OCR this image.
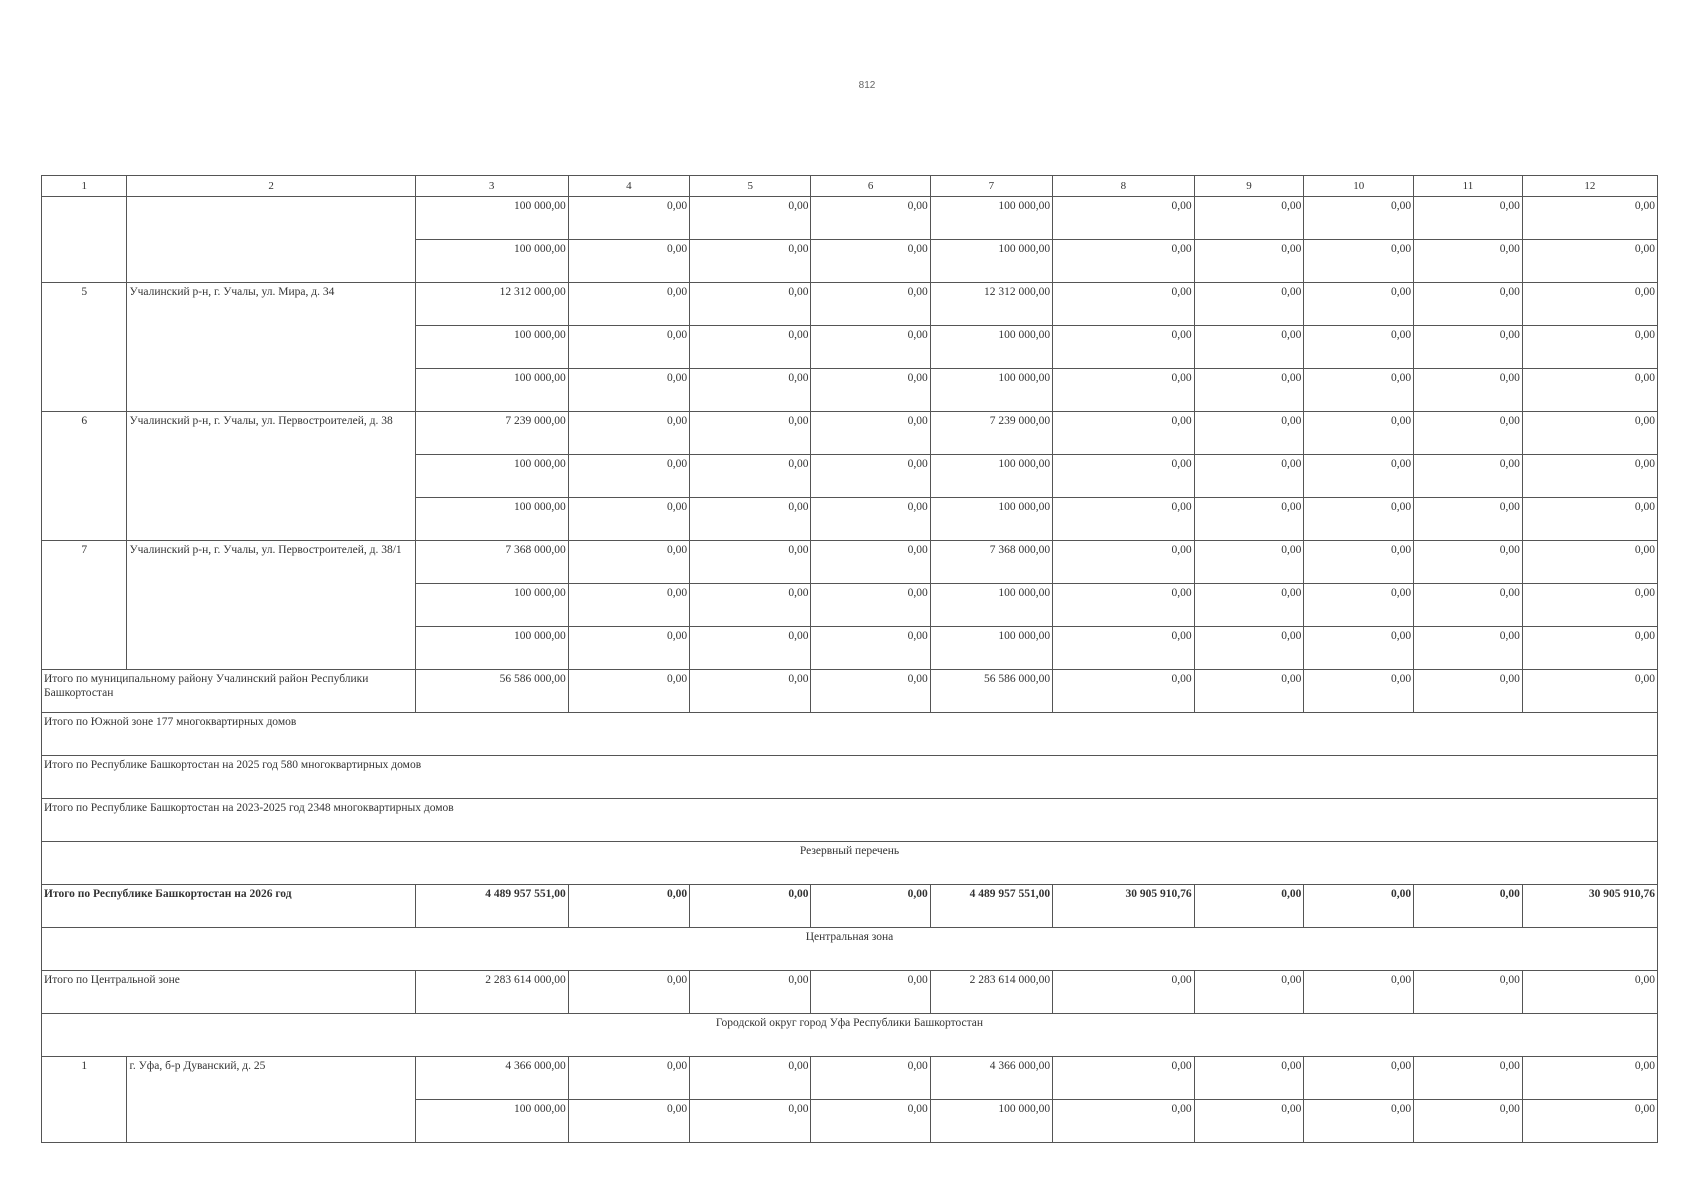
812
1	2	3	4	5	6	7	8	9	10	11	12
		100 000,00	0,00	0,00	0,00	100 000,00	0,00	0,00	0,00	0,00	0,00
		100 000,00	0,00	0,00	0,00	100 000,00	0,00	0,00	0,00	0,00	0,00
5	Учалинский р-н, г. Учалы, ул. Мира, д. 34	12 312 000,00	0,00	0,00	0,00	12 312 000,00	0,00	0,00	0,00	0,00	0,00
		100 000,00	0,00	0,00	0,00	100 000,00	0,00	0,00	0,00	0,00	0,00
		100 000,00	0,00	0,00	0,00	100 000,00	0,00	0,00	0,00	0,00	0,00
6	Учалинский р-н, г. Учалы, ул. Первостроителей, д. 38	7 239 000,00	0,00	0,00	0,00	7 239 000,00	0,00	0,00	0,00	0,00	0,00
		100 000,00	0,00	0,00	0,00	100 000,00	0,00	0,00	0,00	0,00	0,00
		100 000,00	0,00	0,00	0,00	100 000,00	0,00	0,00	0,00	0,00	0,00
7	Учалинский р-н, г. Учалы, ул. Первостроителей, д. 38/1	7 368 000,00	0,00	0,00	0,00	7 368 000,00	0,00	0,00	0,00	0,00	0,00
		100 000,00	0,00	0,00	0,00	100 000,00	0,00	0,00	0,00	0,00	0,00
		100 000,00	0,00	0,00	0,00	100 000,00	0,00	0,00	0,00	0,00	0,00
Итого по муниципальному району Учалинский район Республики Башкортостан		56 586 000,00	0,00	0,00	0,00	56 586 000,00	0,00	0,00	0,00	0,00	0,00
Итого по Южной зоне 177 многоквартирных домов											
Итого по Республике Башкортостан на 2025 год 580 многоквартирных домов											
Итого по Республике Башкортостан на 2023-2025 год 2348 многоквартирных домов											
Резервный перечень											
Итого по Республике Башкортостан на 2026 год		4 489 957 551,00	0,00	0,00	0,00	4 489 957 551,00	30 905 910,76	0,00	0,00	0,00	30 905 910,76
Центральная зона											
Итого по Центральной зоне		2 283 614 000,00	0,00	0,00	0,00	2 283 614 000,00	0,00	0,00	0,00	0,00	0,00
Городской округ город Уфа Республики Башкортостан											
1	г. Уфа, б-р Дуванский, д. 25	4 366 000,00	0,00	0,00	0,00	4 366 000,00	0,00	0,00	0,00	0,00	0,00
		100 000,00	0,00	0,00	0,00	100 000,00	0,00	0,00	0,00	0,00	0,00
